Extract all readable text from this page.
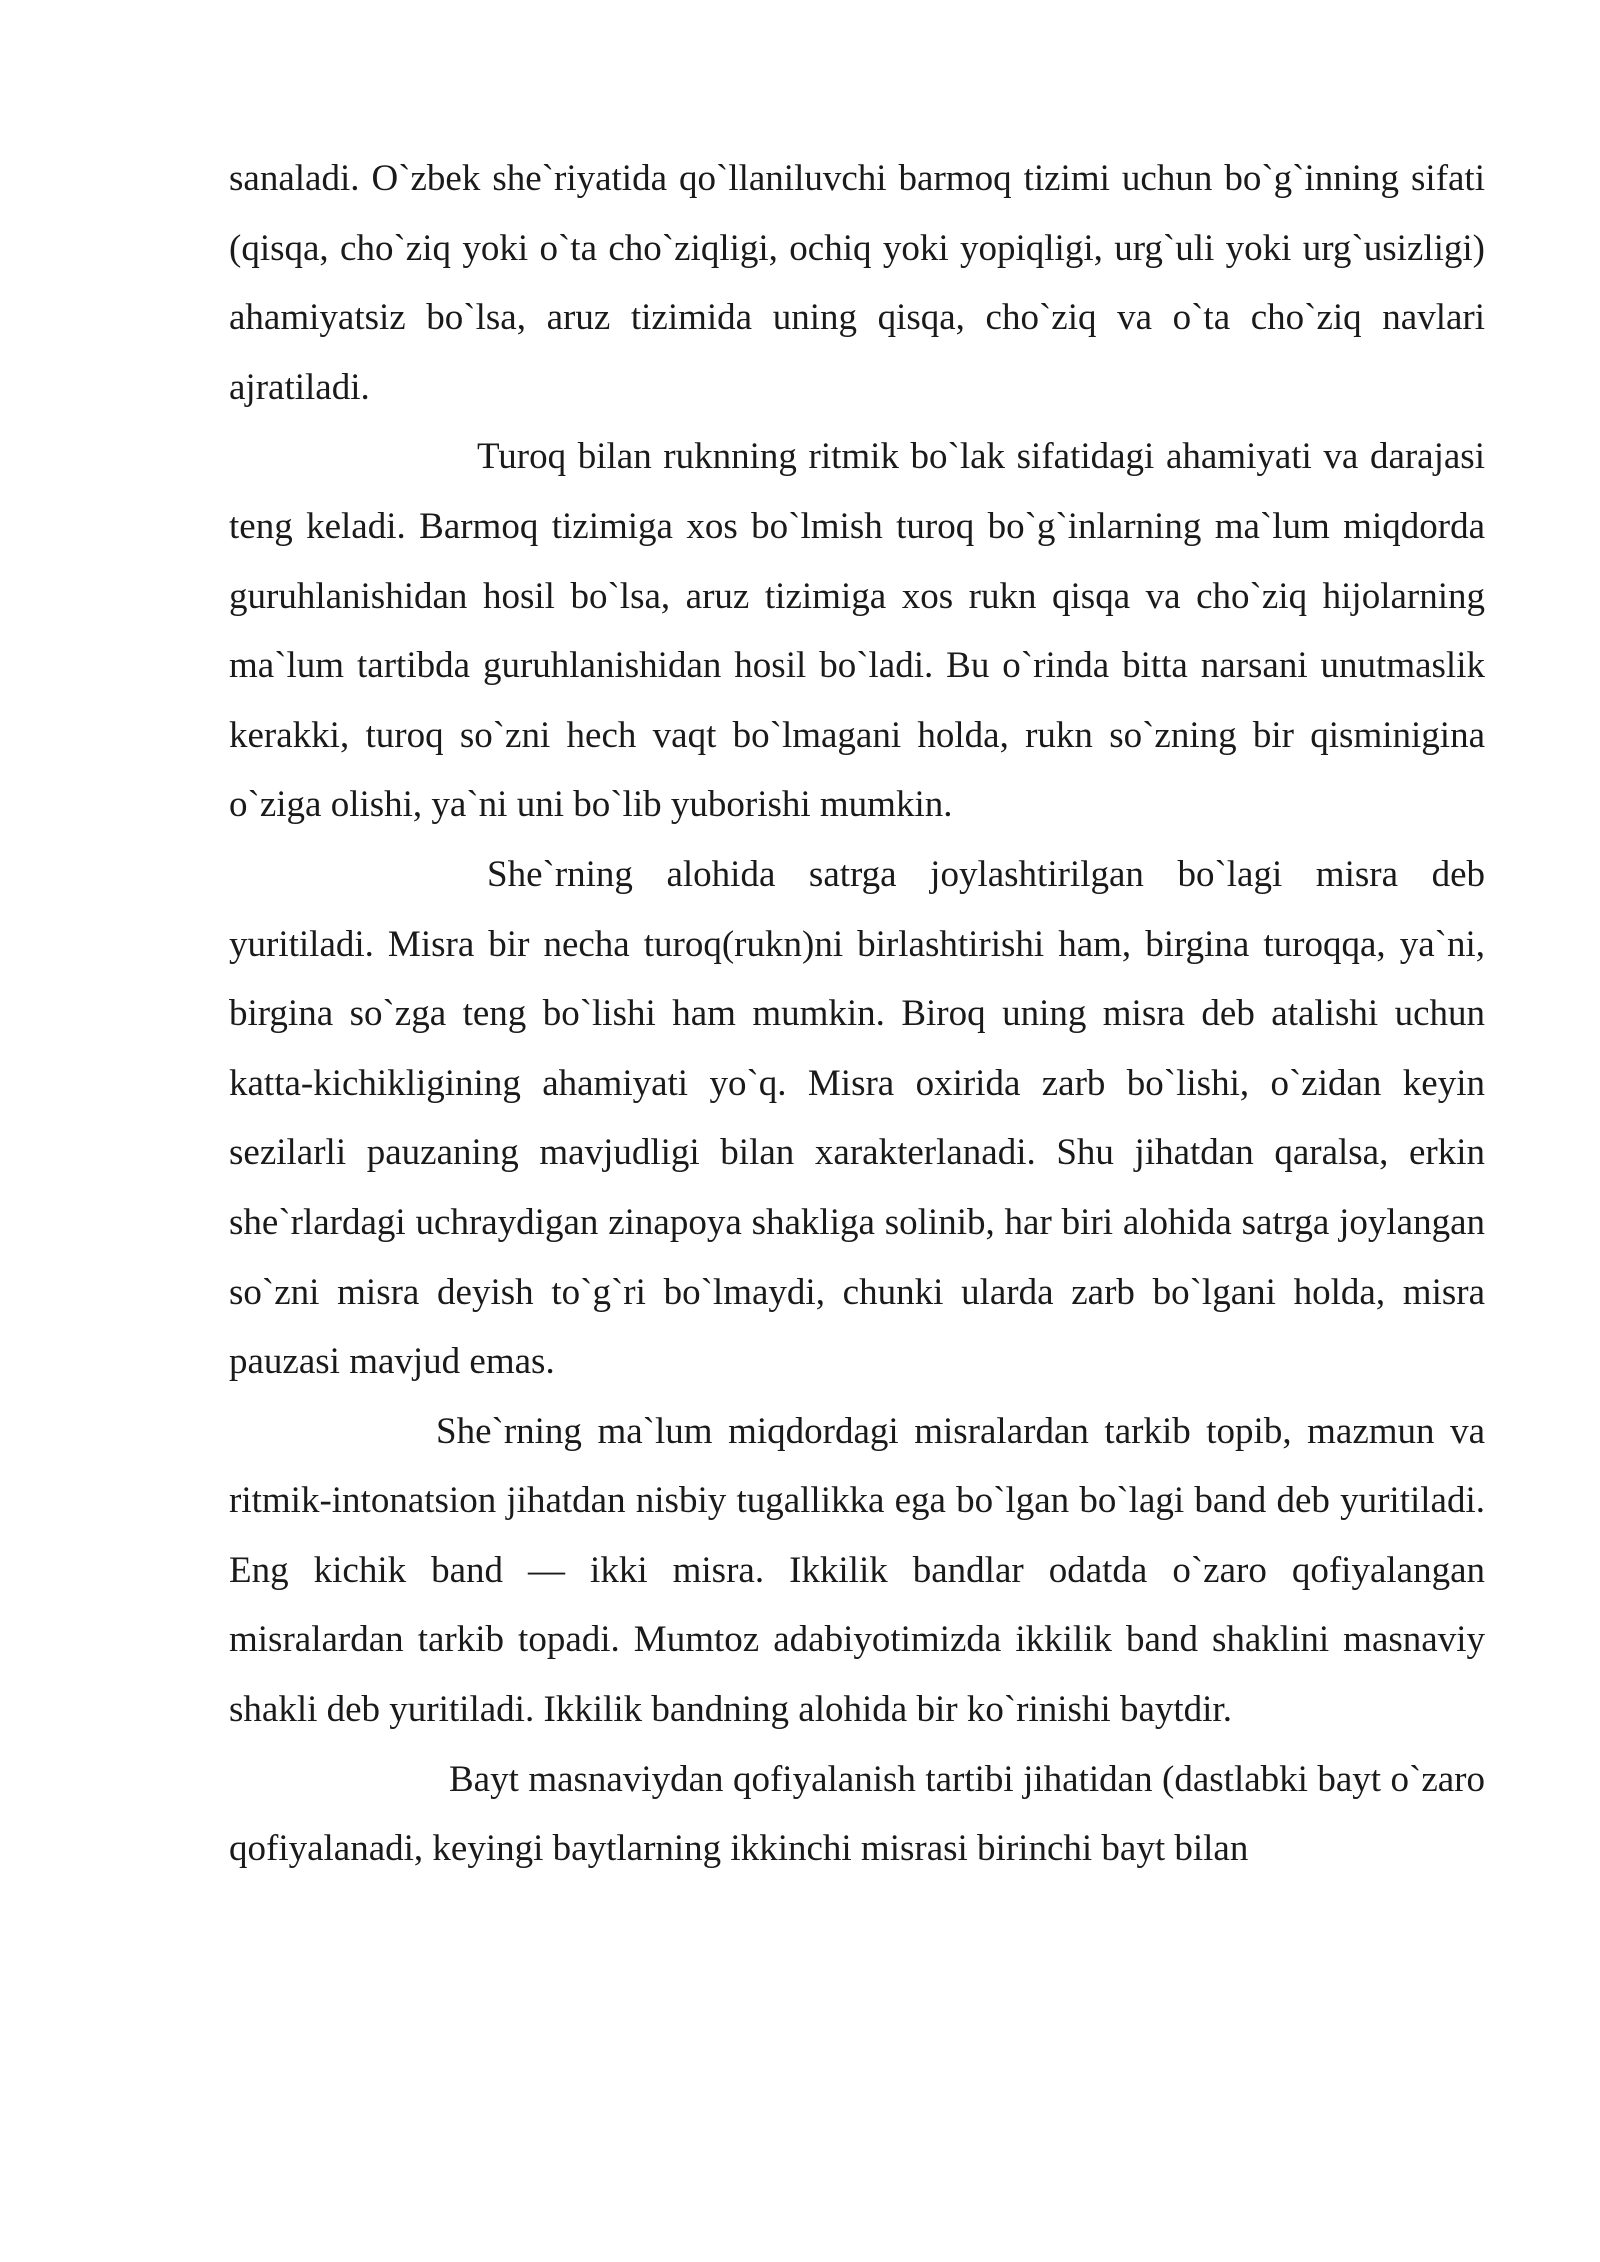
sanaladi. O`zbek she`riyatida qo`llaniluvchi barmoq tizimi uchun bo`g`inning sifati (qisqa, cho`ziq yoki o`ta cho`ziqligi, ochiq yoki yopiqligi, urg`uli yoki urg`usizligi) ahamiyatsiz bo`lsa, aruz tizimida uning qisqa, cho`ziq va o`ta cho`ziq navlari ajratiladi.

Turoq bilan ruknning ritmik bo`lak sifatidagi ahamiyati va darajasi teng keladi. Barmoq tizimiga xos bo`lmish turoq bo`g`inlarning ma`lum miqdorda guruhlanishidan hosil bo`lsa, aruz tizimiga xos rukn qisqa va cho`ziq hijolarning ma`lum tartibda guruhlanishidan hosil bo`ladi. Bu o`rinda bitta narsani unutmaslik kerakki, turoq so`zni hech vaqt bo`lmagani holda, rukn so`zning bir qisminigina o`ziga olishi, ya`ni uni bo`lib yuborishi mumkin.

She`rning alohida satrga joylashtirilgan bo`lagi misra deb yuritiladi. Misra bir necha turoq(rukn)ni birlashtirishi ham, birgina turoqqa, ya`ni, birgina so`zga teng bo`lishi ham mumkin. Biroq uning misra deb atalishi uchun katta-kichikligining ahamiyati yo`q. Misra oxirida zarb bo`lishi, o`zidan keyin sezilarli pauzaning mavjudligi bilan xarakterlanadi. Shu jihatdan qaralsa, erkin she`rlardagi uchraydigan zinapoya shakliga solinib, har biri alohida satrga joylangan so`zni misra deyish to`g`ri bo`lmaydi, chunki ularda zarb bo`lgani holda, misra pauzasi mavjud emas.

She`rning ma`lum miqdordagi misralardan tarkib topib, mazmun va ritmik-intonatsion jihatdan nisbiy tugallikka ega bo`lgan bo`lagi band deb yuritiladi. Eng kichik band — ikki misra. Ikkilik bandlar odatda o`zaro qofiyalangan misralardan tarkib topadi. Mumtoz adabiyotimizda ikkilik band shaklini masnaviy shakli deb yuritiladi. Ikkilik bandning alohida bir ko`rinishi baytdir.

Bayt masnaviydan qofiyalanish tartibi jihatidan (dastlabki bayt o`zaro qofiyalanadi, keyingi baytlarning ikkinchi misrasi birinchi bayt bilan
